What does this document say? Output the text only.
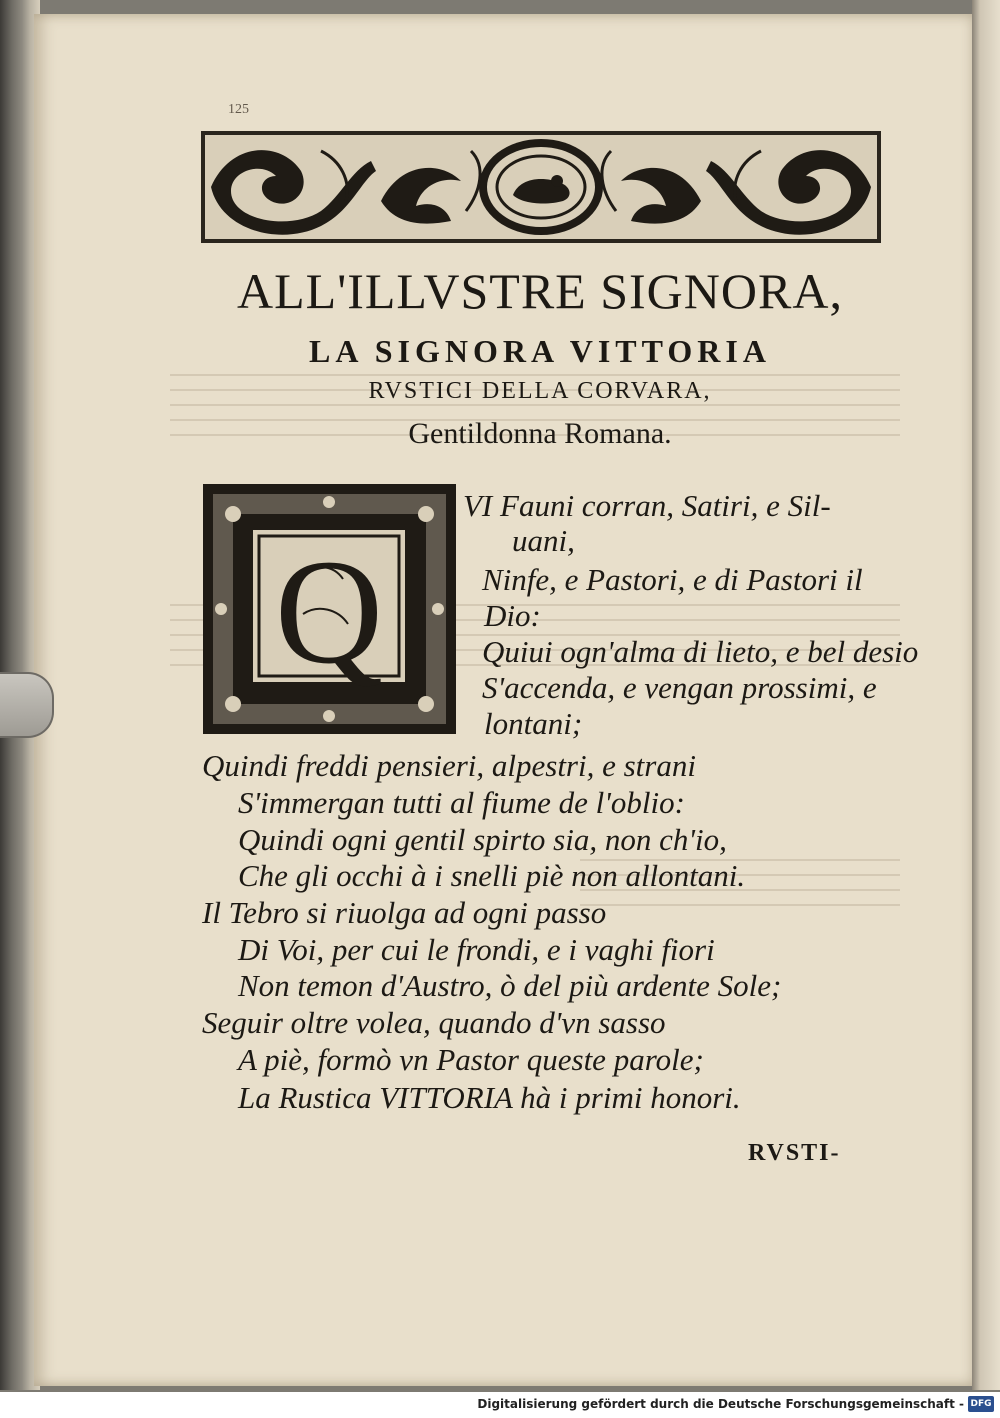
125
ALL'ILLVSTRE SIGNORA,
LA SIGNORA VITTORIA
RVSTICI DELLA CORVARA,
Gentildonna Romana.
Q
VI Fauni corran, Satiri, e Sil-
uani,
Ninfe, e Pastori, e di Pastori il
Dio:
Quiui ogn'alma di lieto, e bel desio
S'accenda, e vengan prossimi, e
lontani;
Quindi freddi pensieri, alpestri, e strani
S'immergan tutti al fiume de l'oblio:
Quindi ogni gentil spirto sia, non ch'io,
Che gli occhi à i snelli piè non allontani.
Il Tebro si riuolga ad ogni passo
Di Voi, per cui le frondi, e i vaghi fiori
Non temon d'Austro, ò del più ardente Sole;
Seguir oltre volea, quando d'vn sasso
A piè, formò vn Pastor queste parole;
La Rustica VITTORIA hà i primi honori.
RVSTI-
Digitalisierung gefördert durch die Deutsche Forschungsgemeinschaft - DFG
